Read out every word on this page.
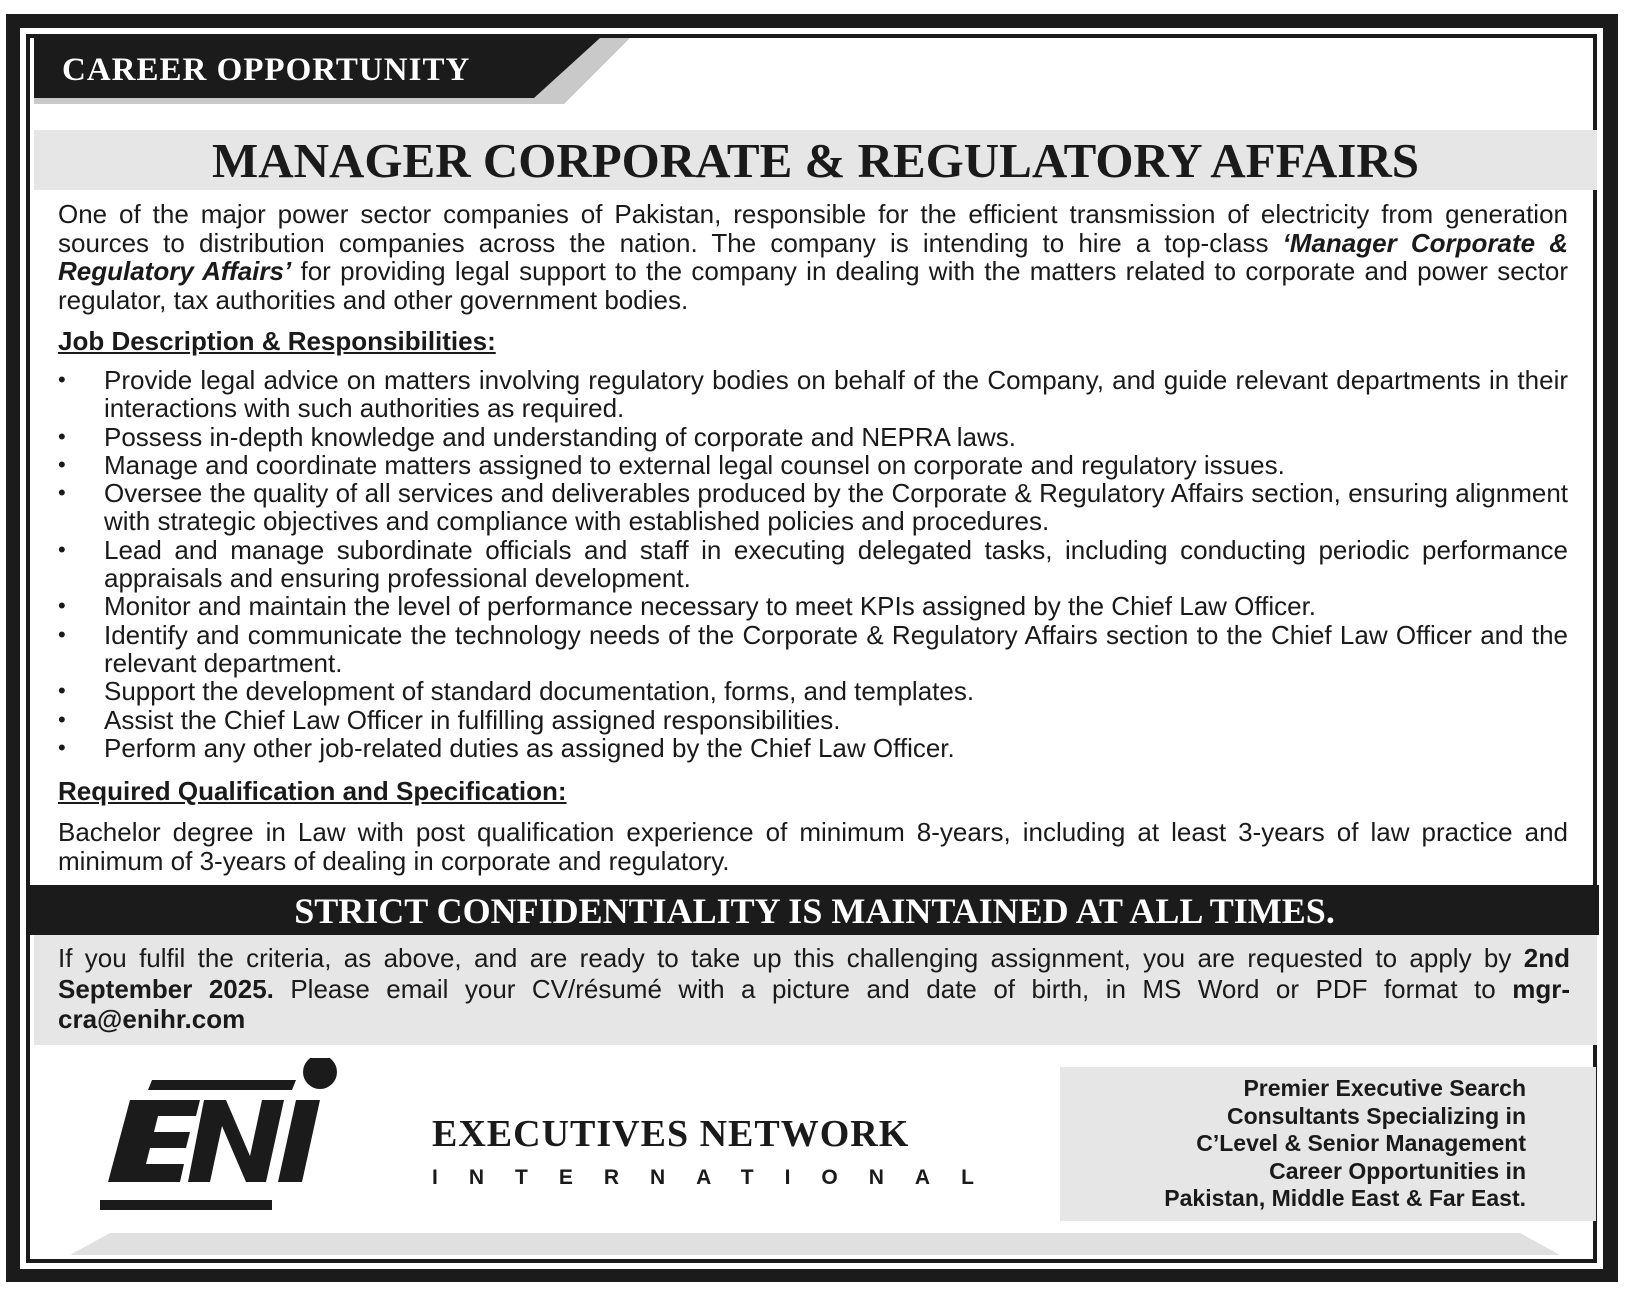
CAREER OPPORTUNITY
MANAGER CORPORATE & REGULATORY AFFAIRS

One of the major power sector companies of Pakistan, responsible for the efficient transmission of electricity from generation sources to distribution companies across the nation. The company is intending to hire a top-class ‘Manager Corporate & Regulatory Affairs’ for providing legal support to the company in dealing with the matters related to corporate and power sector regulator, tax authorities and other government bodies.

Job Description & Responsibilities:
• Provide legal advice on matters involving regulatory bodies on behalf of the Company, and guide relevant departments in their interactions with such authorities as required.
• Possess in-depth knowledge and understanding of corporate and NEPRA laws.
• Manage and coordinate matters assigned to external legal counsel on corporate and regulatory issues.
• Oversee the quality of all services and deliverables produced by the Corporate & Regulatory Affairs section, ensuring alignment with strategic objectives and compliance with established policies and procedures.
• Lead and manage subordinate officials and staff in executing delegated tasks, including conducting periodic performance appraisals and ensuring professional development.
• Monitor and maintain the level of performance necessary to meet KPIs assigned by the Chief Law Officer.
• Identify and communicate the technology needs of the Corporate & Regulatory Affairs section to the Chief Law Officer and the relevant department.
• Support the development of standard documentation, forms, and templates.
• Assist the Chief Law Officer in fulfilling assigned responsibilities.
• Perform any other job-related duties as assigned by the Chief Law Officer.
Required Qualification and Specification:

Bachelor degree in Law with post qualification experience of minimum 8-years, including at least 3-years of law practice and minimum of 3-years of dealing in corporate and regulatory.

STRICT CONFIDENTIALITY IS MAINTAINED AT ALL TIMES.

If you fulfil the criteria, as above, and are ready to take up this challenging assignment, you are requested to apply by 2nd September 2025. Please email your CV/résumé with a picture and date of birth, in MS Word or PDF format to mgr-cra@enihr.com

EXECUTIVES NETWORK
INTERNATIONAL
Premier Executive Search
Consultants Specializing in
C’Level & Senior Management
Career Opportunities in
Pakistan, Middle East & Far East.
